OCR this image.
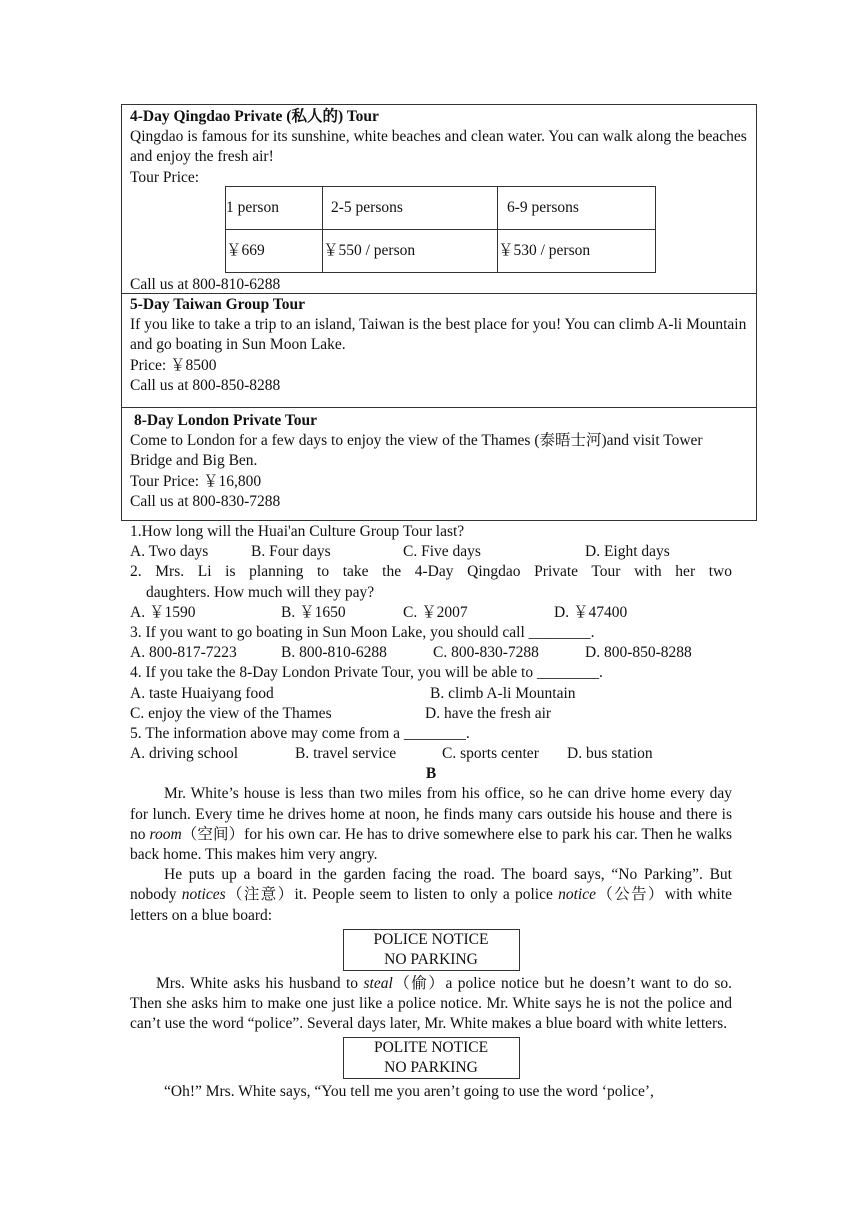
4-Day Qingdao Private (私人的) Tour
Qingdao is famous for its sunshine, white beaches and clean water. You can walk along the beaches and enjoy the fresh air!
Tour Price:
1 person	2-5 persons	6-9 persons
￥669	￥550 / person	￥530 / person
Call us at 800-810-6288
5-Day Taiwan Group Tour
If you like to take a trip to an island, Taiwan is the best place for you! You can climb A-li Mountain and go boating in Sun Moon Lake.
Price: ￥8500
Call us at 800-850-8288
8-Day London Private Tour
Come to London for a few days to enjoy the view of the Thames (泰晤士河)and visit Tower Bridge and Big Ben.
Tour Price: ￥16,800
Call us at 800-830-7288
1.How long will the Huai'an Culture Group Tour last?
A. Two days	B. Four days	C. Five days	D. Eight days
2. Mrs. Li is planning to take the 4-Day Qingdao Private Tour with her two
daughters. How much will they pay?
A. ￥1590	B. ￥1650	C. ￥2007	D. ￥47400
3. If you want to go boating in Sun Moon Lake, you should call ________.
A. 800-817-7223	B. 800-810-6288	C. 800-830-7288	D. 800-850-8288
4. If you take the 8-Day London Private Tour, you will be able to ________.
A. taste Huaiyang food	B. climb A-li Mountain
C. enjoy the view of the Thames	D. have the fresh air
5. The information above may come from a ________.
A. driving school	B. travel service	C. sports center D. bus station
B

Mr. White’s house is less than two miles from his office, so he can drive home every day for lunch. Every time he drives home at noon, he finds many cars outside his house and there is no room（空间）for his own car. He has to drive somewhere else to park his car. Then he walks back home. This makes him very angry.

He puts up a board in the garden facing the road. The board says, “No Parking”. But nobody notices（注意）it. People seem to listen to only a police notice（公告）with white letters on a blue board:

POLICE NOTICE
NO PARKING

Mrs. White asks his husband to steal（偷）a police notice but he doesn’t want to do so. Then she asks him to make one just like a police notice. Mr. White says he is not the police and can’t use the word “police”. Several days later, Mr. White makes a blue board with white letters.

POLITE NOTICE
NO PARKING

“Oh!” Mrs. White says, “You tell me you aren’t going to use the word ‘police’,
